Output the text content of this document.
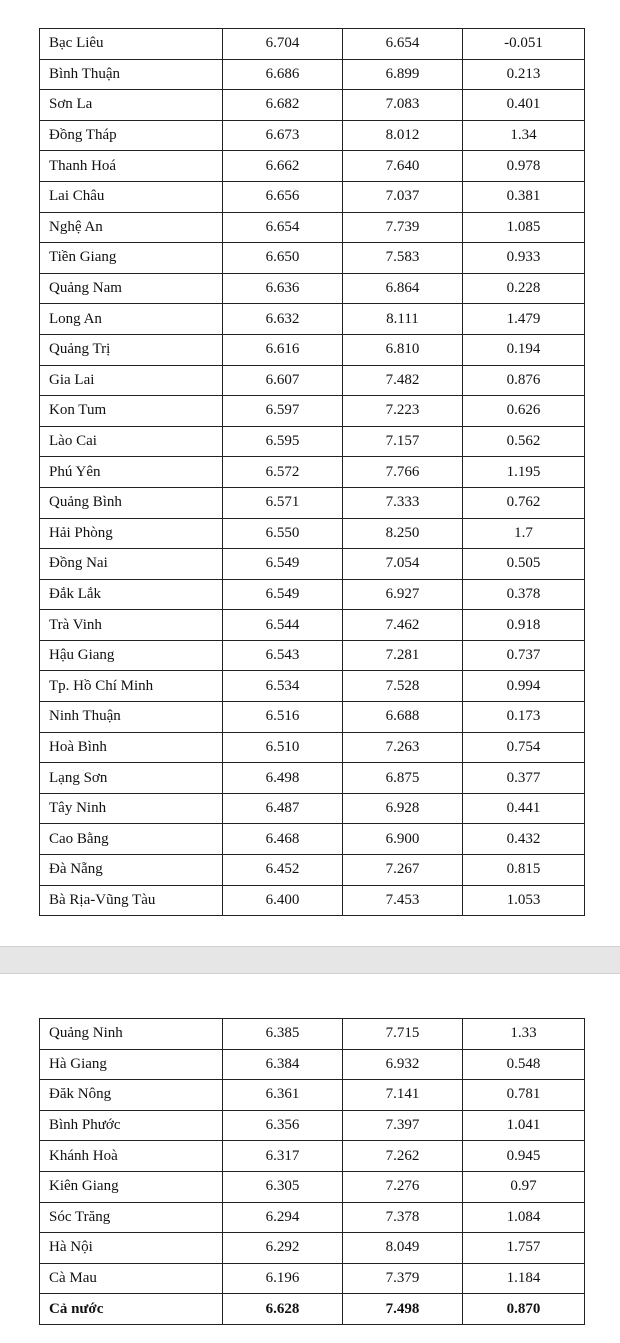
Bạc Liêu	6.704	6.654	-0.051
Bình Thuận	6.686	6.899	0.213
Sơn La	6.682	7.083	0.401
Đồng Tháp	6.673	8.012	1.34
Thanh Hoá	6.662	7.640	0.978
Lai Châu	6.656	7.037	0.381
Nghệ An	6.654	7.739	1.085
Tiền Giang	6.650	7.583	0.933
Quảng Nam	6.636	6.864	0.228
Long An	6.632	8.111	1.479
Quảng Trị	6.616	6.810	0.194
Gia Lai	6.607	7.482	0.876
Kon Tum	6.597	7.223	0.626
Lào Cai	6.595	7.157	0.562
Phú Yên	6.572	7.766	1.195
Quảng Bình	6.571	7.333	0.762
Hải Phòng	6.550	8.250	1.7
Đồng Nai	6.549	7.054	0.505
Đắk Lắk	6.549	6.927	0.378
Trà Vinh	6.544	7.462	0.918
Hậu Giang	6.543	7.281	0.737
Tp. Hồ Chí Minh	6.534	7.528	0.994
Ninh Thuận	6.516	6.688	0.173
Hoà Bình	6.510	7.263	0.754
Lạng Sơn	6.498	6.875	0.377
Tây Ninh	6.487	6.928	0.441
Cao Bằng	6.468	6.900	0.432
Đà Nẵng	6.452	7.267	0.815
Bà Rịa-Vũng Tàu	6.400	7.453	1.053
Quảng Ninh	6.385	7.715	1.33
Hà Giang	6.384	6.932	0.548
Đăk Nông	6.361	7.141	0.781
Bình Phước	6.356	7.397	1.041
Khánh Hoà	6.317	7.262	0.945
Kiên Giang	6.305	7.276	0.97
Sóc Trăng	6.294	7.378	1.084
Hà Nội	6.292	8.049	1.757
Cà Mau	6.196	7.379	1.184
Cả nước	6.628	7.498	0.870
